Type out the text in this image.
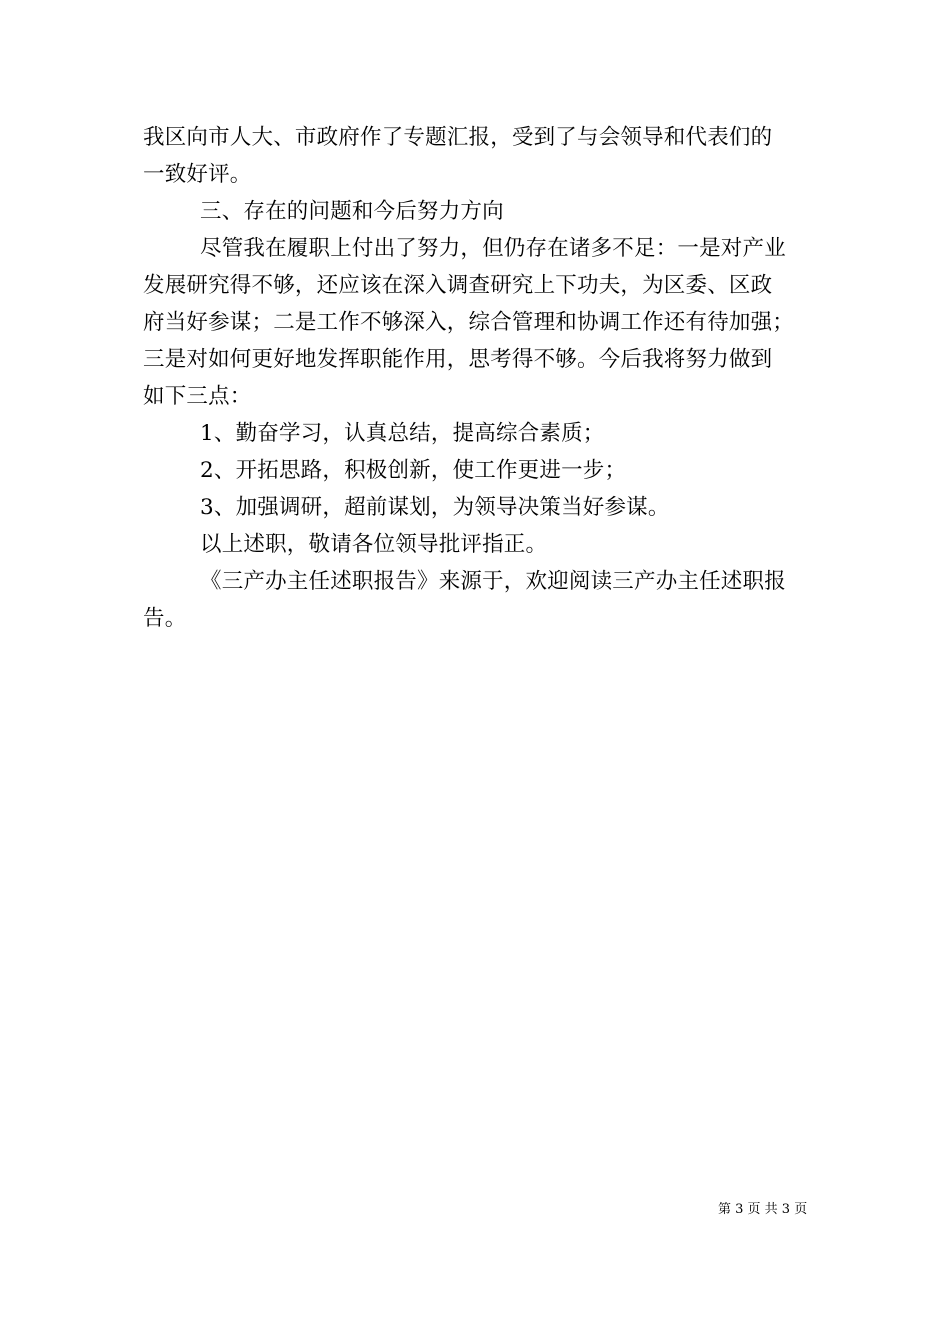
我区向市人大、市政府作了专题汇报，受到了与会领导和代表们的
一致好评。
三、存在的问题和今后努力方向
尽管我在履职上付出了努力，但仍存在诸多不足：一是对产业
发展研究得不够，还应该在深入调查研究上下功夫，为区委、区政
府当好参谋；二是工作不够深入，综合管理和协调工作还有待加强；
三是对如何更好地发挥职能作用，思考得不够。今后我将努力做到
如下三点：
1、勤奋学习，认真总结，提高综合素质；
2、开拓思路，积极创新，使工作更进一步；
3、加强调研，超前谋划，为领导决策当好参谋。
以上述职，敬请各位领导批评指正。
《三产办主任述职报告》来源于，欢迎阅读三产办主任述职报
告。
第 3 页 共 3 页
